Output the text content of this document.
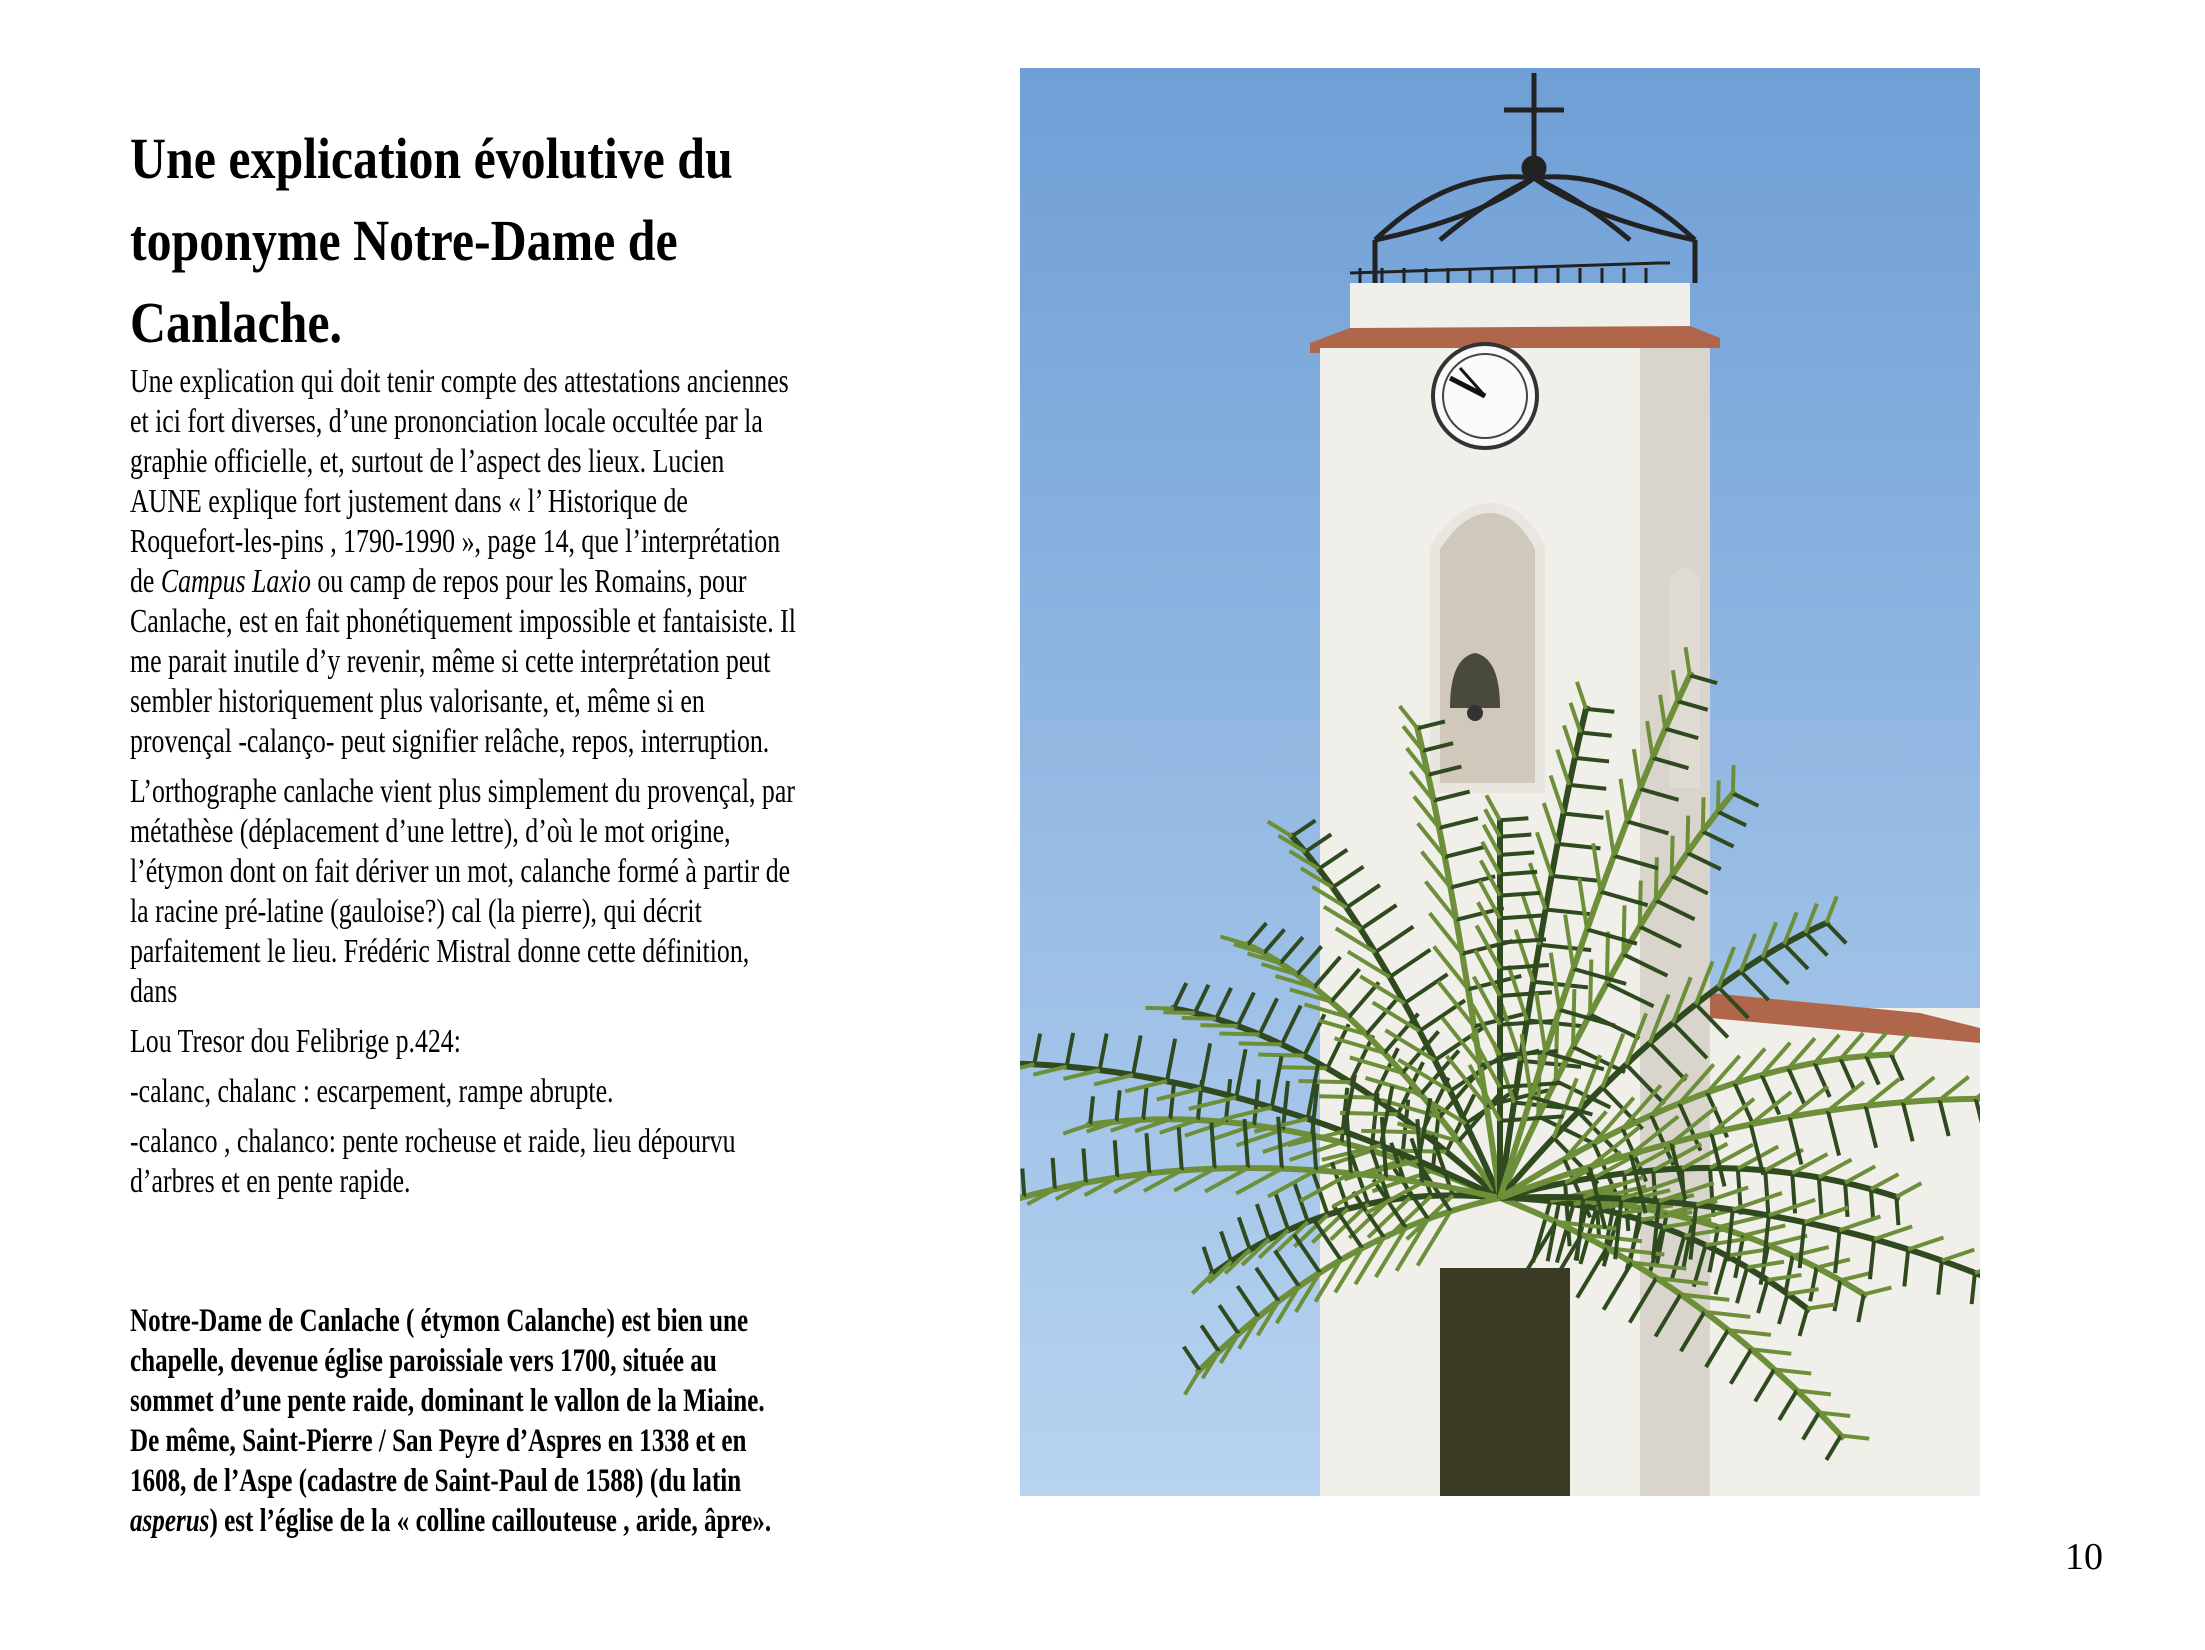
Une explication évolutive du
toponyme Notre-Dame de
Canlache.

Une explication qui doit tenir compte des attestations anciennes
et ici fort diverses, d’une prononciation locale occultée par la
graphie officielle, et, surtout de l’aspect des lieux. Lucien
AUNE explique fort justement dans « l’ Historique de
Roquefort-les-pins , 1790-1990 », page 14, que l’interprétation
de Campus Laxio ou camp de repos pour les Romains, pour
Canlache, est en fait phonétiquement impossible et fantaisiste. Il
me parait inutile d’y revenir, même si cette interprétation peut
sembler historiquement plus valorisante, et, même si en
provençal -calanço- peut signifier relâche, repos, interruption.

L’orthographe canlache vient plus simplement du provençal, par
métathèse (déplacement d’une lettre), d’où le mot origine,
l’étymon dont on fait dériver un mot, calanche formé à partir de
la racine pré-latine (gauloise?) cal (la pierre), qui décrit
parfaitement le lieu. Frédéric Mistral donne cette définition,
dans

Lou Tresor dou Felibrige p.424:

-calanc, chalanc : escarpement, rampe abrupte.

-calanco , chalanco: pente rocheuse et raide, lieu dépourvu
d’arbres et en pente rapide.

Notre-Dame de Canlache ( étymon Calanche) est bien une
chapelle, devenue église paroissiale vers 1700, située au
sommet d’une pente raide, dominant le vallon de la Miaine.
De même, Saint-Pierre / San Peyre d’Aspres en 1338 et en
1608, de l’Aspe (cadastre de Saint-Paul de 1588) (du latin
asperus) est l’église de la « colline caillouteuse , aride, âpre».
10
